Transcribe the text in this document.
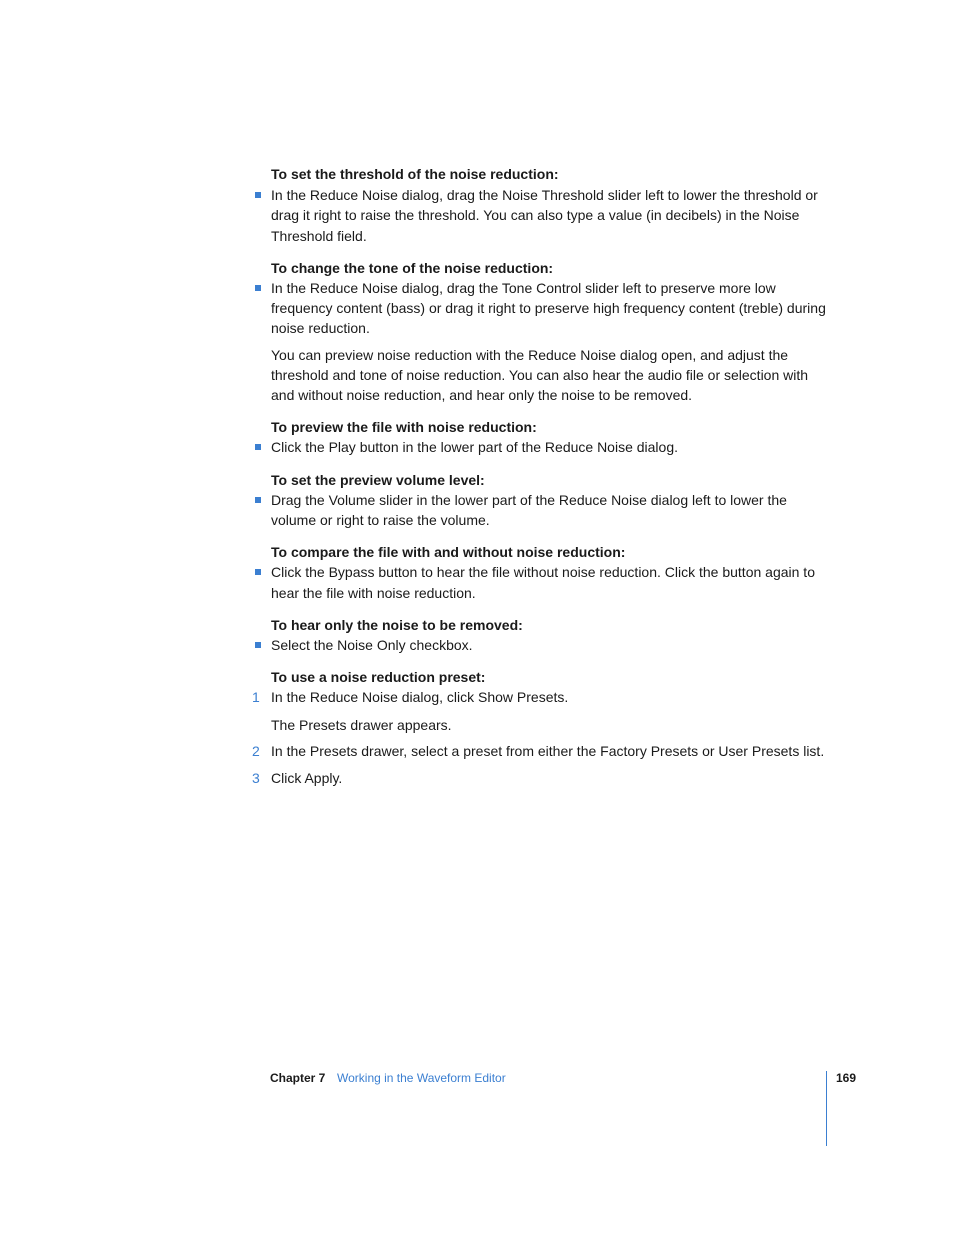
To set the threshold of the noise reduction:

In the Reduce Noise dialog, drag the Noise Threshold slider left to lower the threshold or drag it right to raise the threshold. You can also type a value (in decibels) in the Noise Threshold field.

To change the tone of the noise reduction:

In the Reduce Noise dialog, drag the Tone Control slider left to preserve more low frequency content (bass) or drag it right to preserve high frequency content (treble) during noise reduction.

You can preview noise reduction with the Reduce Noise dialog open, and adjust the threshold and tone of noise reduction. You can also hear the audio file or selection with and without noise reduction, and hear only the noise to be removed.

To preview the file with noise reduction:

Click the Play button in the lower part of the Reduce Noise dialog.

To set the preview volume level:

Drag the Volume slider in the lower part of the Reduce Noise dialog left to lower the volume or right to raise the volume.

To compare the file with and without noise reduction:

Click the Bypass button to hear the file without noise reduction. Click the button again to hear the file with noise reduction.

To hear only the noise to be removed:

Select the Noise Only checkbox.

To use a noise reduction preset:

1 In the Reduce Noise dialog, click Show Presets.

The Presets drawer appears.

2 In the Presets drawer, select a preset from either the Factory Presets or User Presets list.
3 Click Apply.
Chapter 7 Working in the Waveform Editor	169
